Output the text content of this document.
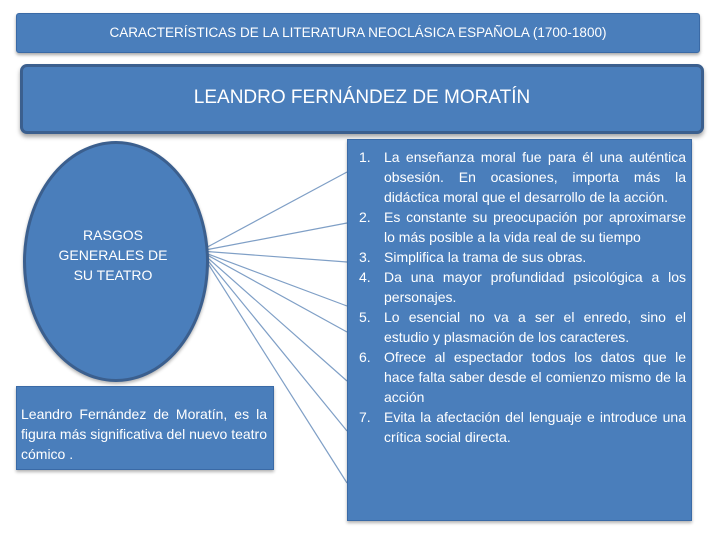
CARACTERÍSTICAS DE LA LITERATURA NEOCLÁSICA ESPAÑOLA (1700-1800)
LEANDRO FERNÁNDEZ DE MORATÍN
RASGOS
GENERALES DE
SU TEATRO
Leandro Fernández de Moratín, es la figura más significativa del nuevo teatro cómico .
1. La enseñanza moral fue para él una auténtica obsesión. En ocasiones, importa más la didáctica moral que el desarrollo de la acción.
2. Es constante su preocupación por aproximarse lo más posible a la vida real de su tiempo
3. Simplifica la trama de sus obras.
4. Da una mayor profundidad psicológica a los personajes.
5. Lo esencial no va a ser el enredo, sino el estudio y plasmación de los caracteres.
6. Ofrece al espectador todos los datos que le hace falta saber desde el comienzo mismo de la acción
7. Evita la afectación del lenguaje e introduce una crítica social directa.
